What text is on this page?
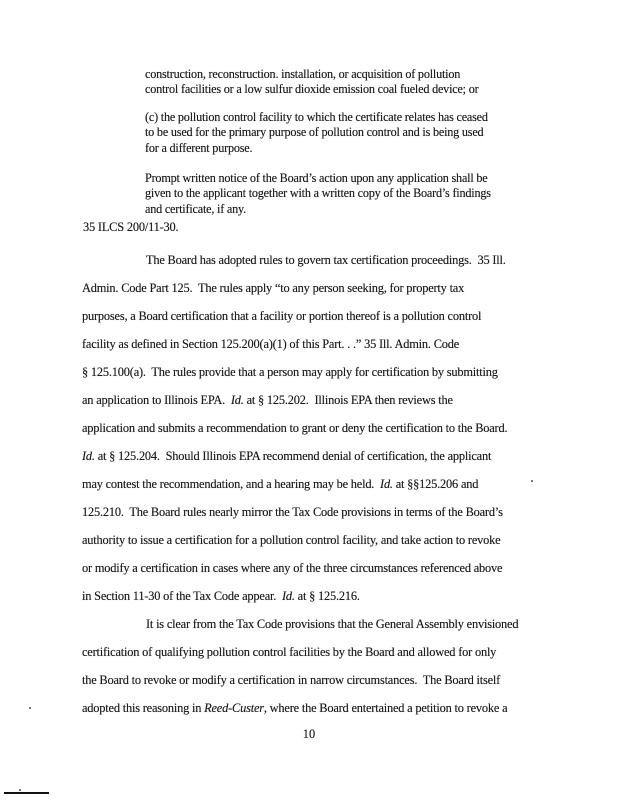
construction, reconstruction. installation, or acquisition of pollution
control facilities or a low sulfur dioxide emission coal fueled device; or
(c) the pollution control facility to which the certificate relates has ceased
to be used for the primary purpose of pollution control and is being used
for a different purpose.
Prompt written notice of the Board’s action upon any application shall be
given to the applicant together with a written copy of the Board’s findings
and certificate, if any.
35 ILCS 200/11-30.
The Board has adopted rules to govern tax certification proceedings.  35 Ill.
Admin. Code Part 125.  The rules apply “to any person seeking, for property tax
purposes, a Board certification that a facility or portion thereof is a pollution control
facility as defined in Section 125.200(a)(1) of this Part. . .” 35 Ill. Admin. Code
§ 125.100(a).  The rules provide that a person may apply for certification by submitting
an application to Illinois EPA.  Id. at § 125.202.  Illinois EPA then reviews the
application and submits a recommendation to grant or deny the certification to the Board.
Id. at § 125.204.  Should Illinois EPA recommend denial of certification, the applicant
may contest the recommendation, and a hearing may be held.  Id. at §§125.206 and
125.210.  The Board rules nearly mirror the Tax Code provisions in terms of the Board’s
authority to issue a certification for a pollution control facility, and take action to revoke
or modify a certification in cases where any of the three circumstances referenced above
in Section 11-30 of the Tax Code appear.  Id. at § 125.216.
It is clear from the Tax Code provisions that the General Assembly envisioned
certification of qualifying pollution control facilities by the Board and allowed for only
the Board to revoke or modify a certification in narrow circumstances.  The Board itself
adopted this reasoning in Reed-Custer, where the Board entertained a petition to revoke a
10
